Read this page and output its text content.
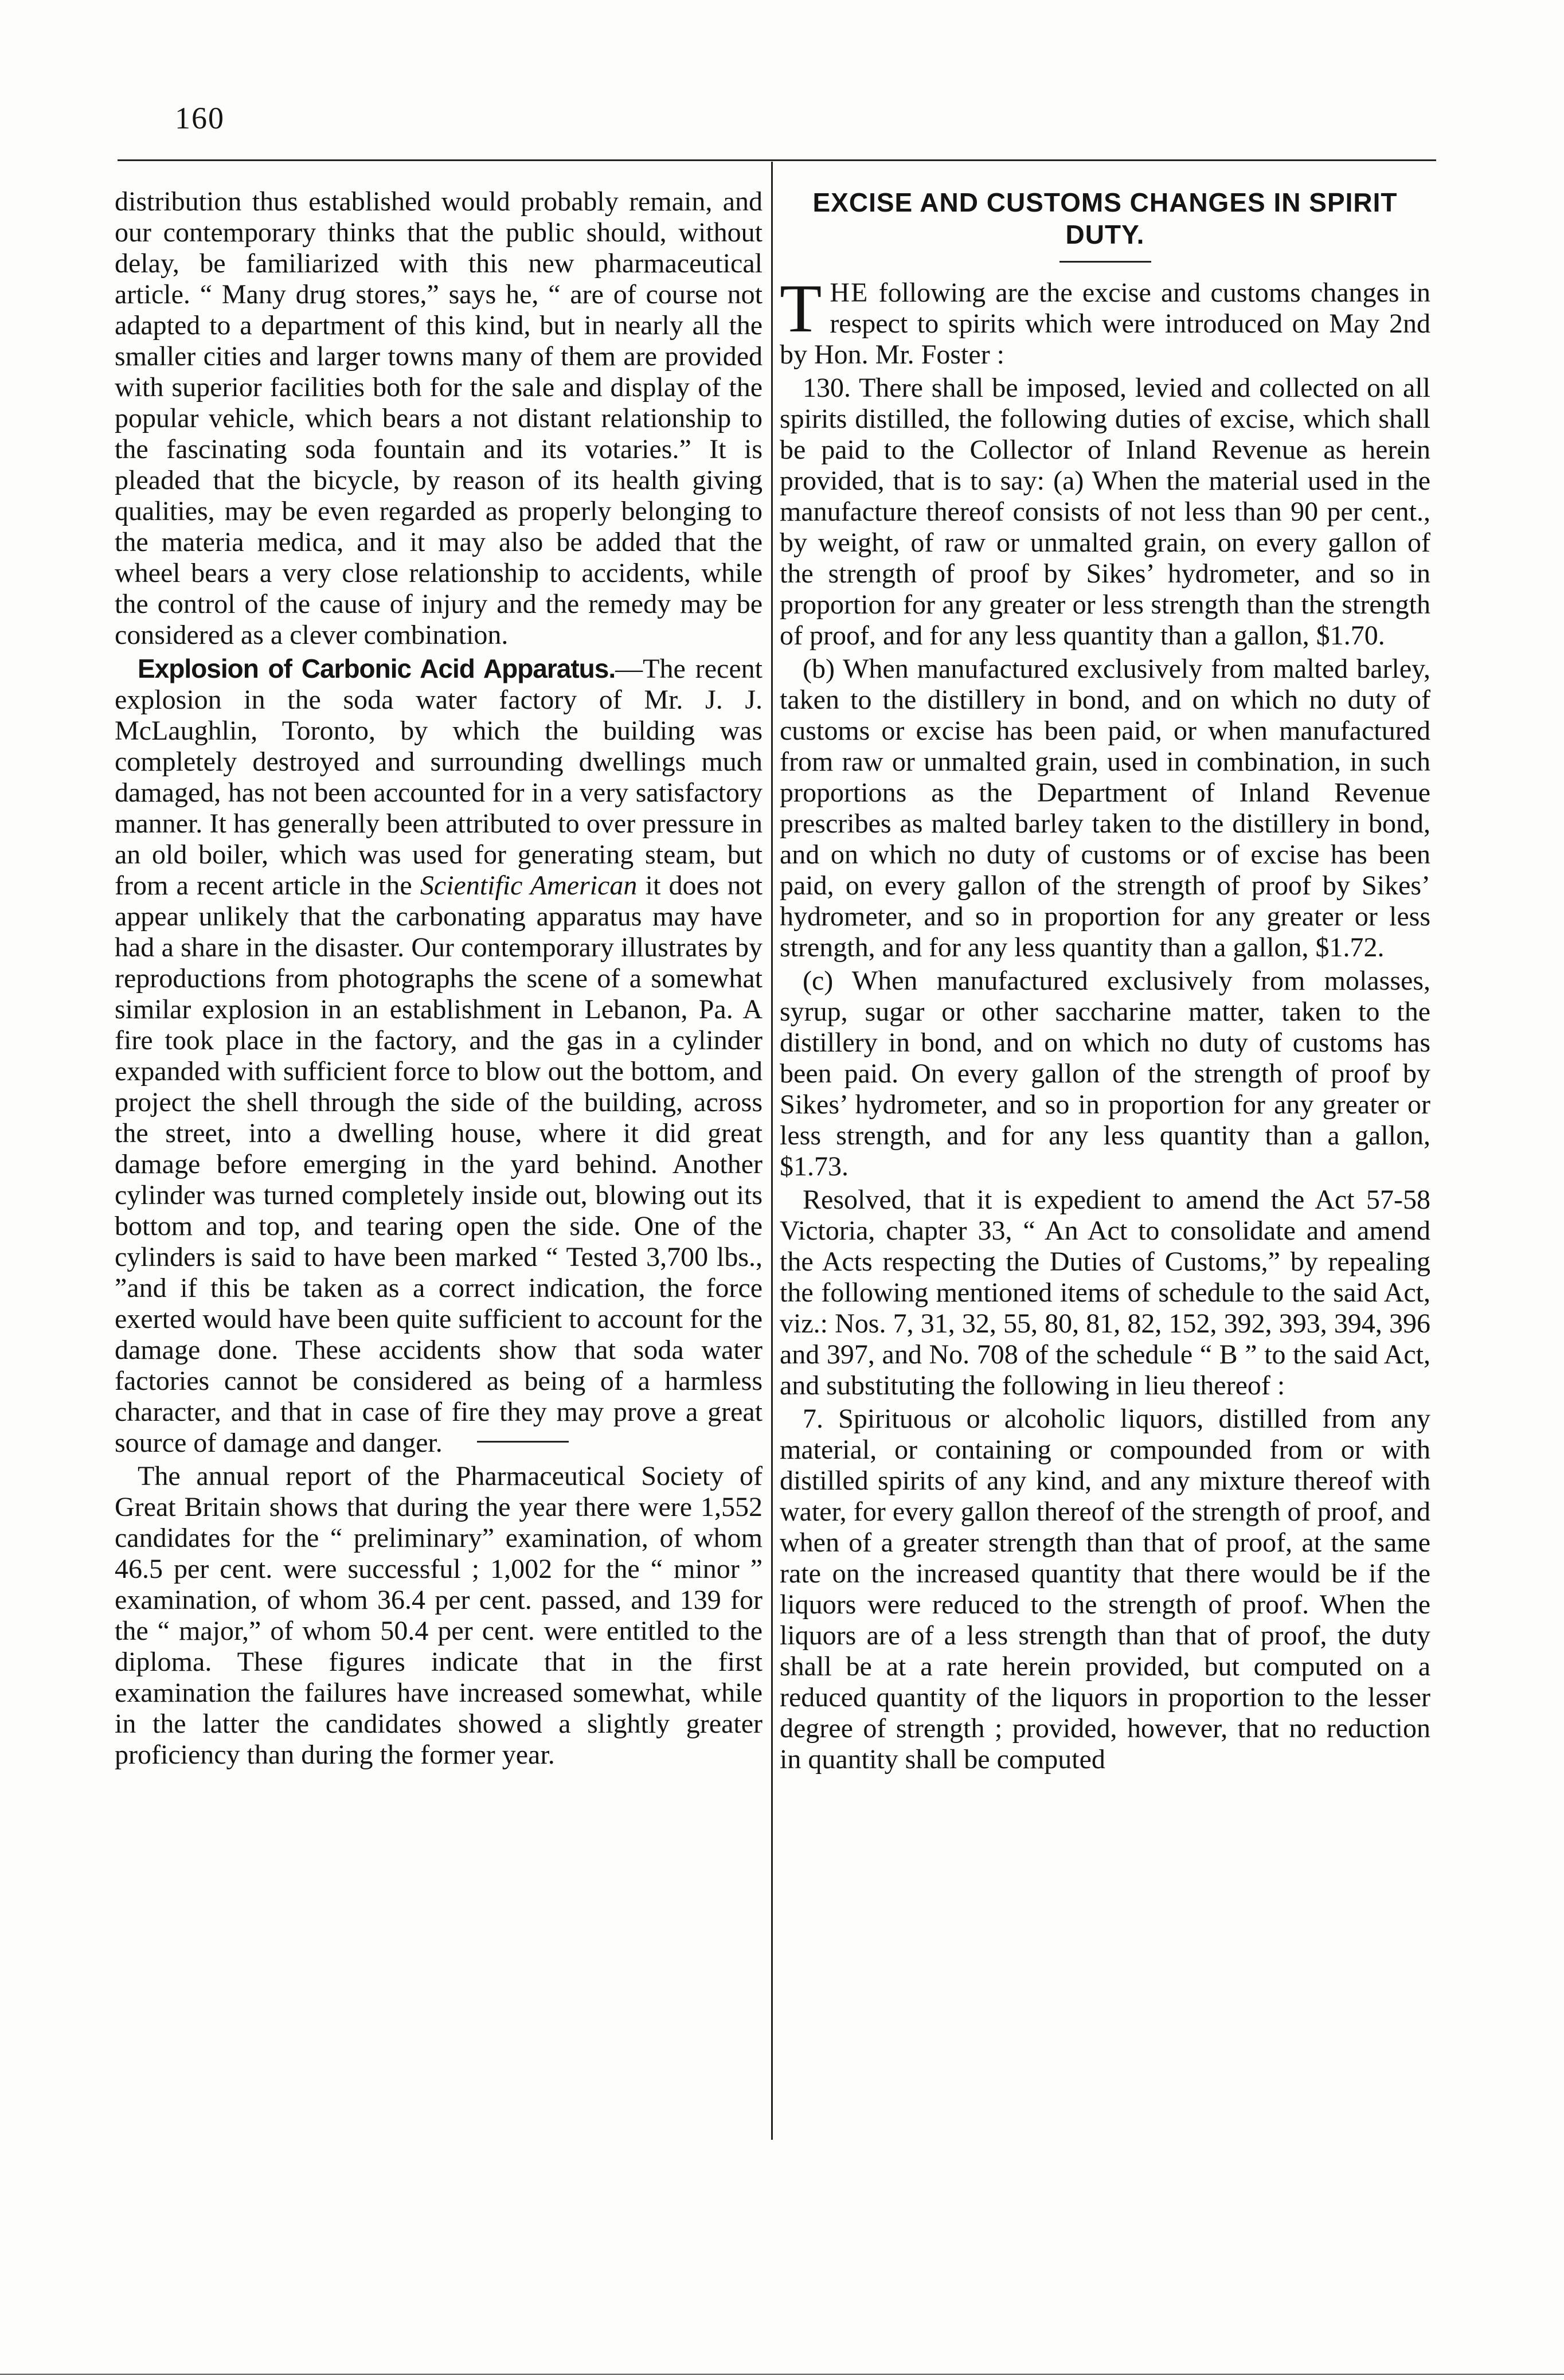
160

distribution thus established would probably remain, and our contemporary thinks that the public should, without delay, be familiarized with this new pharmaceutical article. “ Many drug stores,” says he, “ are of course not adapted to a department of this kind, but in nearly all the smaller cities and larger towns many of them are provided with superior facilities both for the sale and display of the popular vehicle, which bears a not distant relationship to the fascinating soda fountain and its votaries.” It is pleaded that the bicycle, by reason of its health giving qualities, may be even regarded as properly belonging to the materia medica, and it may also be added that the wheel bears a very close relationship to accidents, while the control of the cause of injury and the remedy may be considered as a clever combination.

Explosion of Carbonic Acid Apparatus.—The recent explosion in the soda water factory of Mr. J. J. McLaughlin, Toronto, by which the building was completely destroyed and surrounding dwellings much damaged, has not been accounted for in a very satisfactory manner. It has generally been attributed to over pressure in an old boiler, which was used for generating steam, but from a recent article in the Scientific American it does not appear unlikely that the carbonating apparatus may have had a share in the disaster. Our contemporary illustrates by reproductions from photographs the scene of a somewhat similar explosion in an establishment in Lebanon, Pa. A fire took place in the factory, and the gas in a cylinder expanded with sufficient force to blow out the bottom, and project the shell through the side of the building, across the street, into a dwelling house, where it did great damage before emerging in the yard behind. Another cylinder was turned completely inside out, blowing out its bottom and top, and tearing open the side. One of the cylinders is said to have been marked “ Tested 3,700 lbs., ”and if this be taken as a correct indication, the force exerted would have been quite sufficient to account for the damage done. These accidents show that soda water factories cannot be considered as being of a harmless character, and that in case of fire they may prove a great source of damage and danger.

The annual report of the Pharmaceutical Society of Great Britain shows that during the year there were 1,552 candidates for the “ preliminary” examination, of whom 46.5 per cent. were successful ; 1,002 for the “ minor ” examination, of whom 36.4 per cent. passed, and 139 for the “ major,” of whom 50.4 per cent. were entitled to the diploma. These figures indicate that in the first examination the failures have increased somewhat, while in the latter the candidates showed a slightly greater proficiency than during the former year.

EXCISE AND CUSTOMS CHANGES IN SPIRIT DUTY.

THE following are the excise and customs changes in respect to spirits which were introduced on May 2nd by Hon. Mr. Foster :

130. There shall be imposed, levied and collected on all spirits distilled, the following duties of excise, which shall be paid to the Collector of Inland Revenue as herein provided, that is to say: (a) When the material used in the manufacture thereof consists of not less than 90 per cent., by weight, of raw or unmalted grain, on every gallon of the strength of proof by Sikes’ hydrometer, and so in proportion for any greater or less strength than the strength of proof, and for any less quantity than a gallon, $1.70.

(b) When manufactured exclusively from malted barley, taken to the distillery in bond, and on which no duty of customs or excise has been paid, or when manufactured from raw or unmalted grain, used in combination, in such proportions as the Department of Inland Revenue prescribes as malted barley taken to the distillery in bond, and on which no duty of customs or of excise has been paid, on every gallon of the strength of proof by Sikes’ hydrometer, and so in proportion for any greater or less strength, and for any less quantity than a gallon, $1.72.

(c) When manufactured exclusively from molasses, syrup, sugar or other saccharine matter, taken to the distillery in bond, and on which no duty of customs has been paid. On every gallon of the strength of proof by Sikes’ hydrometer, and so in proportion for any greater or less strength, and for any less quantity than a gallon, $1.73.

Resolved, that it is expedient to amend the Act 57-58 Victoria, chapter 33, “ An Act to consolidate and amend the Acts respecting the Duties of Customs,” by repealing the following mentioned items of schedule to the said Act, viz.: Nos. 7, 31, 32, 55, 80, 81, 82, 152, 392, 393, 394, 396 and 397, and No. 708 of the schedule “ B ” to the said Act, and substituting the following in lieu thereof :

7. Spirituous or alcoholic liquors, distilled from any material, or containing or compounded from or with distilled spirits of any kind, and any mixture thereof with water, for every gallon thereof of the strength of proof, and when of a greater strength than that of proof, at the same rate on the increased quantity that there would be if the liquors were reduced to the strength of proof. When the liquors are of a less strength than that of proof, the duty shall be at a rate herein provided, but computed on a reduced quantity of the liquors in proportion to the lesser degree of strength ; provided, however, that no reduction in quantity shall be computed
